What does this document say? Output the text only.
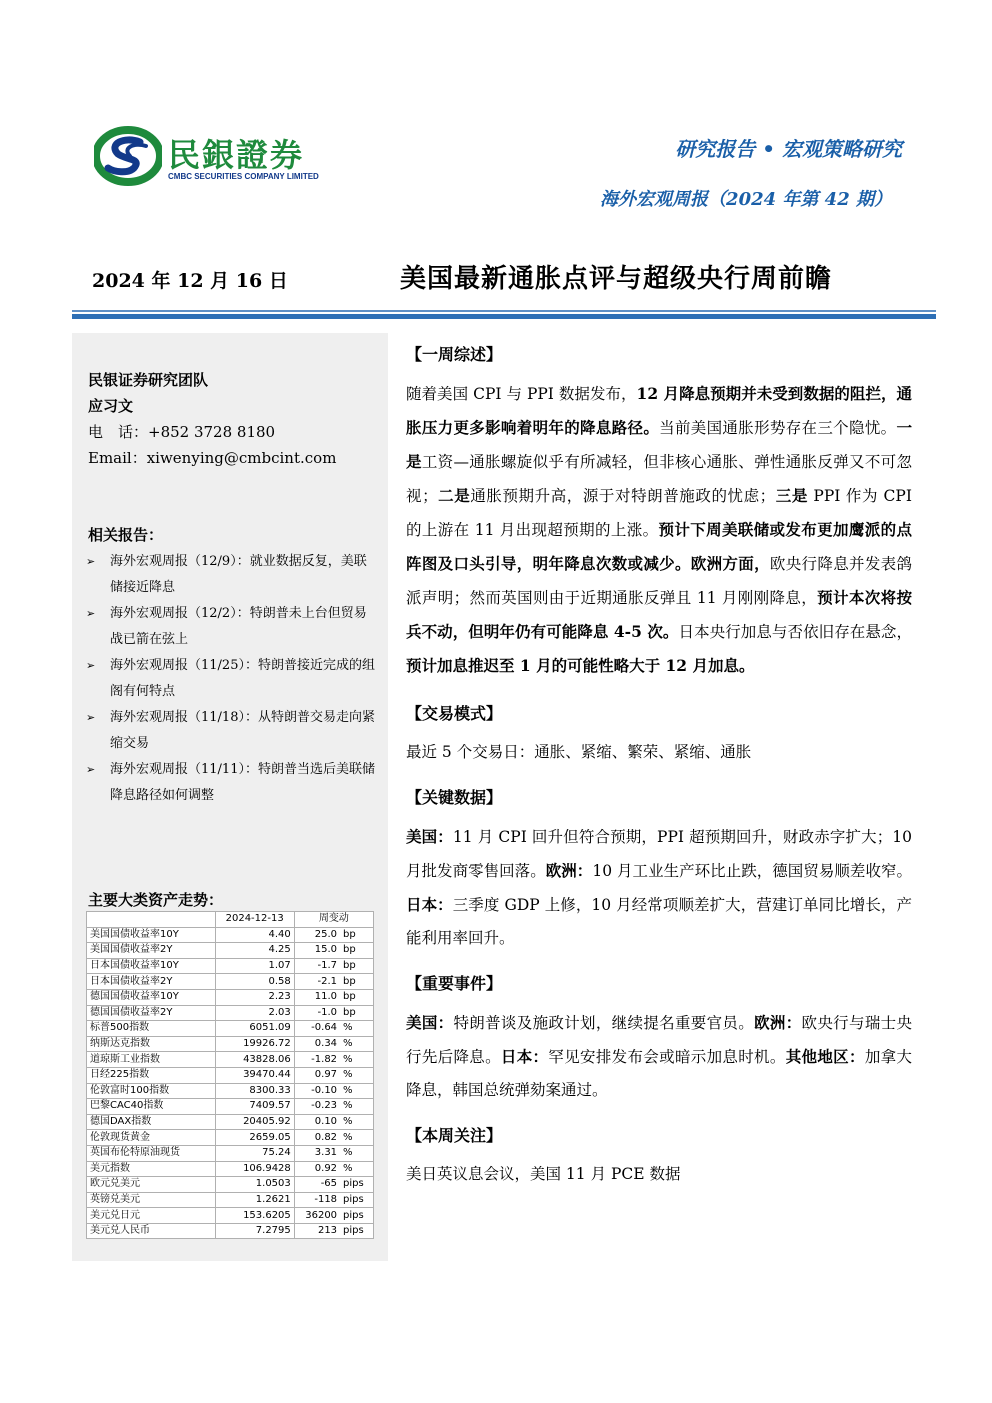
民銀證券
CMBC SECURITIES COMPANY LIMITED
研究报告 • 宏观策略研究
海外宏观周报（2024 年第 42 期）
2024 年 12 月 16 日	美国最新通胀点评与超级央行周前瞻
民银证券研究团队
应习文
电　话：+852 3728 8180
Email：xiwenying@cmbcint.com
相关报告：
➢ 海外宏观周报（12/9）：就业数据反复，美联储接近降息
➢ 海外宏观周报（12/2）：特朗普未上台但贸易战已箭在弦上
➢ 海外宏观周报（11/25）：特朗普接近完成的组阁有何特点
➢ 海外宏观周报（11/18）：从特朗普交易走向紧缩交易
➢ 海外宏观周报（11/11）：特朗普当选后美联储降息路径如何调整
主要大类资产走势：
	2024-12-13	周变动	
美国国债收益率10Y	4.40	25.0	bp
美国国债收益率2Y	4.25	15.0	bp
日本国债收益率10Y	1.07	-1.7	bp
日本国债收益率2Y	0.58	-2.1	bp
德国国债收益率10Y	2.23	11.0	bp
德国国债收益率2Y	2.03	-1.0	bp
标普500指数	6051.09	-0.64	%
纳斯达克指数	19926.72	0.34	%
道琼斯工业指数	43828.06	-1.82	%
日经225指数	39470.44	0.97	%
伦敦富时100指数	8300.33	-0.10	%
巴黎CAC40指数	7409.57	-0.23	%
德国DAX指数	20405.92	0.10	%
伦敦现货黄金	2659.05	0.82	%
英国布伦特原油现货	75.24	3.31	%
美元指数	106.9428	0.92	%
欧元兑美元	1.0503	-65	pips
英镑兑美元	1.2621	-118	pips
美元兑日元	153.6205	36200	pips
美元兑人民币	7.2795	213	pips
【一周综述】

随着美国 CPI 与 PPI 数据发布，12 月降息预期并未受到数据的阻拦，通胀压力更多影响着明年的降息路径。当前美国通胀形势存在三个隐忧。一是工资—通胀螺旋似乎有所减轻，但非核心通胀、弹性通胀反弹又不可忽视；二是通胀预期升高，源于对特朗普施政的忧虑；三是 PPI 作为 CPI 的上游在 11 月出现超预期的上涨。预计下周美联储或发布更加鹰派的点阵图及口头引导，明年降息次数或减少。欧洲方面，欧央行降息并发表鸽派声明；然而英国则由于近期通胀反弹且 11 月刚刚降息，预计本次将按兵不动，但明年仍有可能降息 4-5 次。日本央行加息与否依旧存在悬念，预计加息推迟至 1 月的可能性略大于 12 月加息。

【交易模式】

最近 5 个交易日：通胀、紧缩、繁荣、紧缩、通胀

【关键数据】

美国：11 月 CPI 回升但符合预期，PPI 超预期回升，财政赤字扩大；10 月批发商零售回落。欧洲：10 月工业生产环比止跌，德国贸易顺差收窄。日本：三季度 GDP 上修，10 月经常项顺差扩大，营建订单同比增长，产能利用率回升。

【重要事件】

美国：特朗普谈及施政计划，继续提名重要官员。欧洲：欧央行与瑞士央行先后降息。日本：罕见安排发布会或暗示加息时机。其他地区：加拿大降息，韩国总统弹劾案通过。

【本周关注】

美日英议息会议，美国 11 月 PCE 数据
